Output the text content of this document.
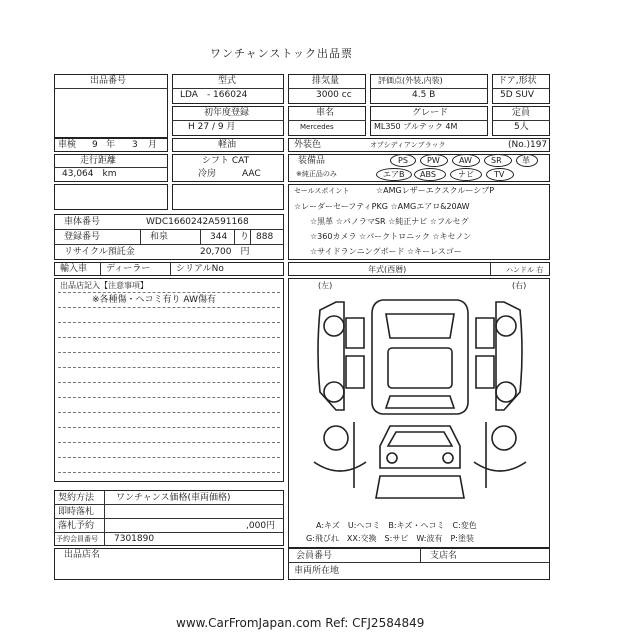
ワンチャンストック出品票
出品番号	型式
LDA　- 166024
排気量
3000 cc
評価点(外装,内装)
4.5 B
ドア,形状
5D SUV
初年度登録
H 27 / 9 月
車名
Mercedes
グレード
ML350 ブルテック 4M
定員
5人
車検 9 年 3 月	軽油	外装色	オブシディアンブラック	(No.)197
走行距離
43,064　km
シフト CAT
冷房	AAC
装備品	PS PW AW SR	革
※純正品のみ	エアB ABS	ナビ	TV
セールスポイント	☆AMGレザーエクスクルーシブP
☆レーダーセーフティPKG ☆AMGエアロ&20AW
☆黒革 ☆パノラマSR ☆純正ナビ ☆フルセグ
☆360カメラ ☆パークトロニック ☆キセノン
☆サイドランニングボード ☆キーレスゴー
車体番号	WDC1660242A591168
登録番号	和泉	344 り 888
リサイクル預託金	20,700　円
輸入車 ディーラー	シリアルNo	年式(西暦)	ハンドル 右
出品店記入【注意事項】
※各種傷・ヘコミ有り AW傷有
(左)	(右)
A:キズ　U:ヘコミ　B:キズ・ヘコミ　C:変色
G:飛びれ　XX:交換　S:サビ　W:波有　P:塗装
契約方法 ワンチャンス価格(車両価格)
即時落札
落札予約	,000円
予約会員番号 7301890
出品店名	会員番号	支店名
車両所在地
www.CarFromJapan.com Ref: CFJ2584849
